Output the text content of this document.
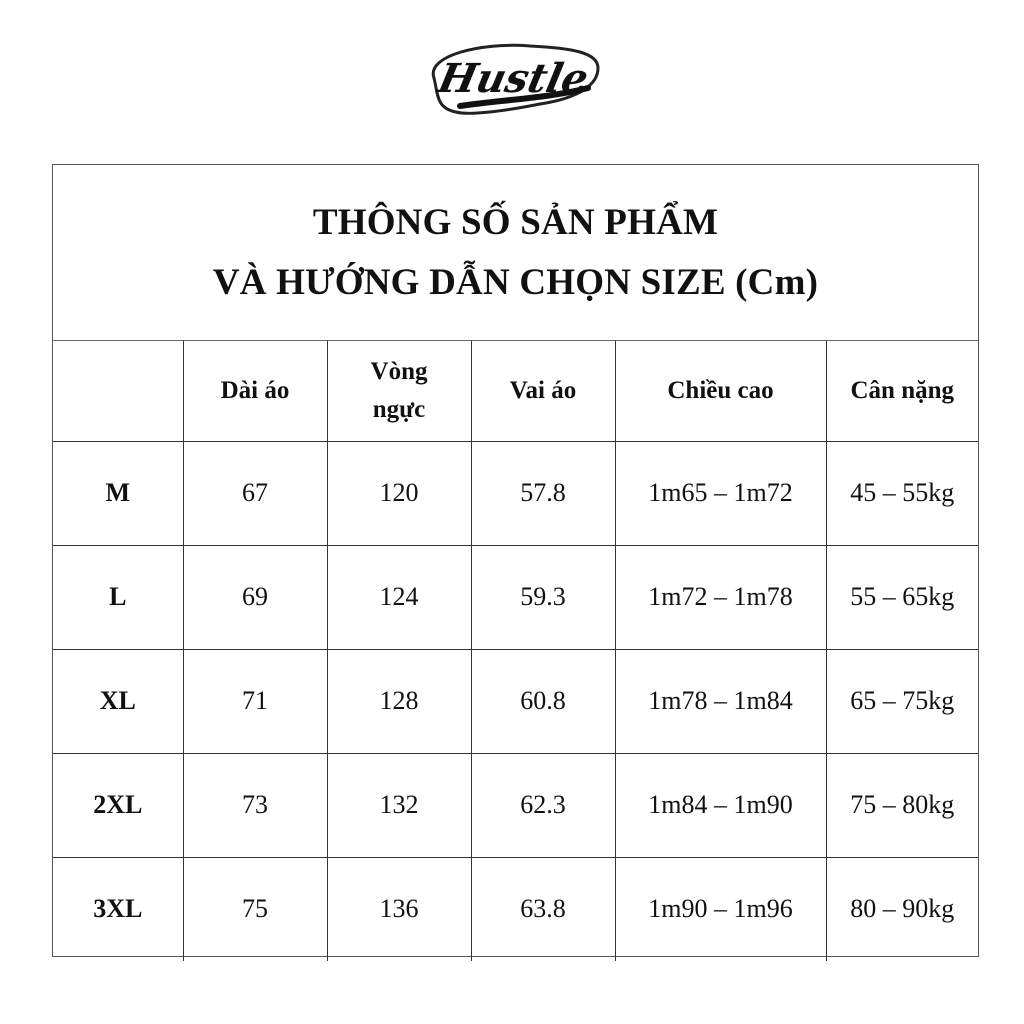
Hustle
THÔNG SỐ SẢN PHẨM
VÀ HƯỚNG DẪN CHỌN SIZE (Cm)
	Dài áo	Vòng
ngực	Vai áo	Chiều cao	Cân nặng
M	67	120	57.8	1m65 – 1m72	45 – 55kg
L	69	124	59.3	1m72 – 1m78	55 – 65kg
XL	71	128	60.8	1m78 – 1m84	65 – 75kg
2XL	73	132	62.3	1m84 – 1m90	75 – 80kg
3XL	75	136	63.8	1m90 – 1m96	80 – 90kg
